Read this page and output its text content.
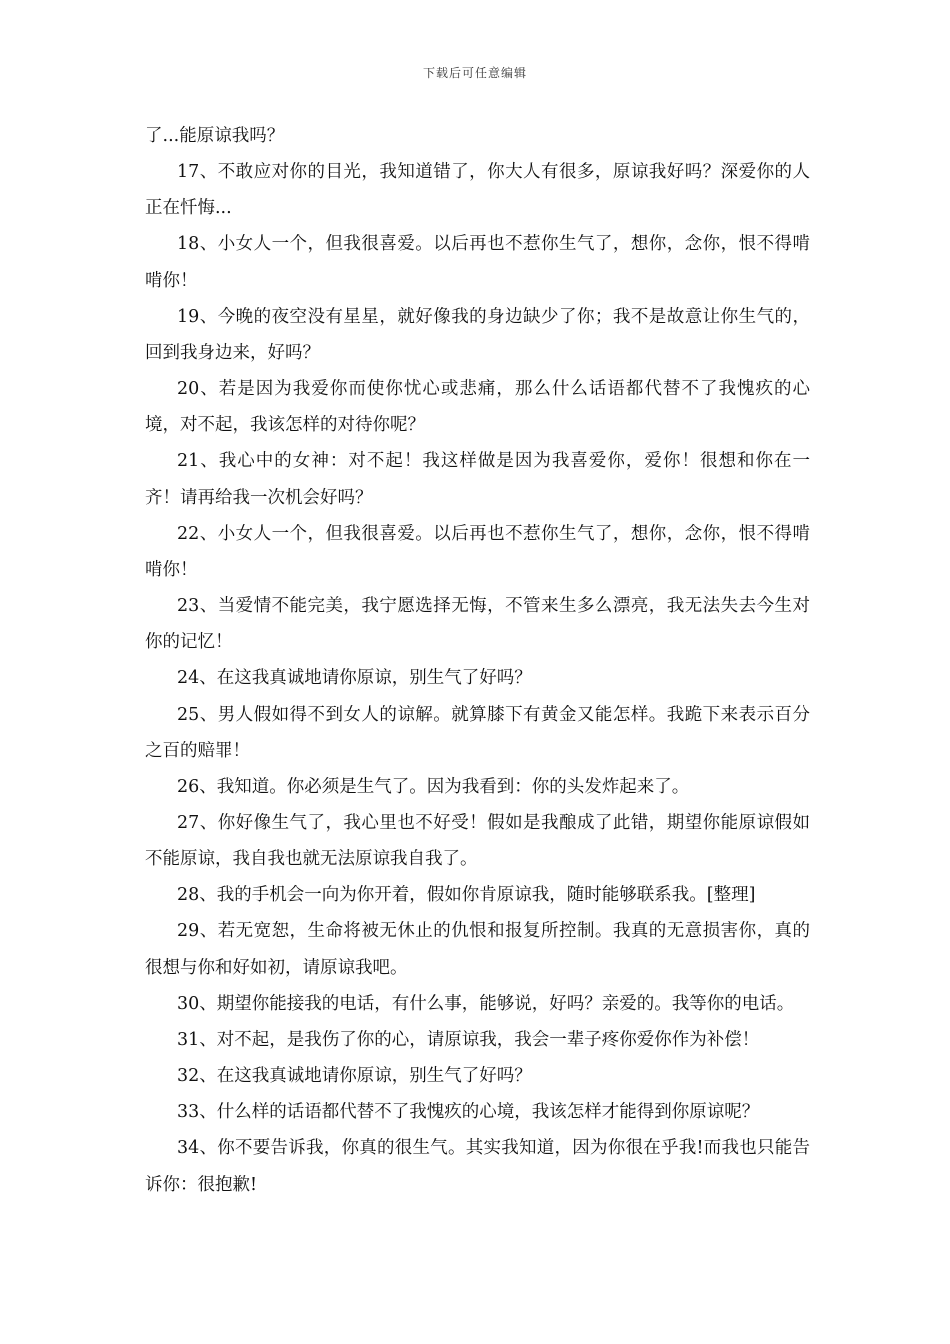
下载后可任意编辑

了...能原谅我吗？

17、不敢应对你的目光，我知道错了，你大人有很多，原谅我好吗？深爱你的人正在忏悔...

18、小女人一个，但我很喜爱。以后再也不惹你生气了，想你，念你，恨不得啃啃你！

19、今晚的夜空没有星星，就好像我的身边缺少了你；我不是故意让你生气的，回到我身边来，好吗？

20、若是因为我爱你而使你忧心或悲痛，那么什么话语都代替不了我愧疚的心境，对不起，我该怎样的对待你呢？

21、我心中的女神：对不起！我这样做是因为我喜爱你，爱你！很想和你在一齐！请再给我一次机会好吗？

22、小女人一个，但我很喜爱。以后再也不惹你生气了，想你，念你，恨不得啃啃你！

23、当爱情不能完美，我宁愿选择无悔，不管来生多么漂亮，我无法失去今生对你的记忆！

24、在这我真诚地请你原谅，别生气了好吗？

25、男人假如得不到女人的谅解。就算膝下有黄金又能怎样。我跪下来表示百分之百的赔罪！

26、我知道。你必须是生气了。因为我看到：你的头发炸起来了。

27、你好像生气了，我心里也不好受！假如是我酿成了此错，期望你能原谅假如不能原谅，我自我也就无法原谅我自我了。

28、我的手机会一向为你开着，假如你肯原谅我，随时能够联系我。[整理]

29、若无宽恕，生命将被无休止的仇恨和报复所控制。我真的无意损害你，真的很想与你和好如初，请原谅我吧。

30、期望你能接我的电话，有什么事，能够说，好吗？亲爱的。我等你的电话。

31、对不起，是我伤了你的心，请原谅我，我会一辈子疼你爱你作为补偿！

32、在这我真诚地请你原谅，别生气了好吗？

33、什么样的话语都代替不了我愧疚的心境，我该怎样才能得到你原谅呢？

34、你不要告诉我，你真的很生气。其实我知道，因为你很在乎我!而我也只能告诉你：很抱歉!
